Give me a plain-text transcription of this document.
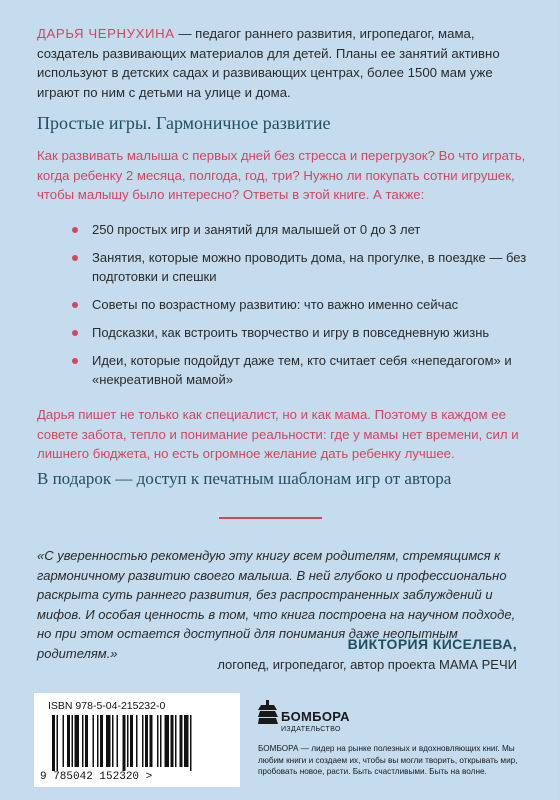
ДАРЬЯ ЧЕРНУХИНА — педагог раннего развития, игропедагог, мама, создатель развивающих материалов для детей. Планы ее занятий активно используют в детских садах и развивающих центрах, более 1500 мам уже играют по ним с детьми на улице и дома.

Простые игры. Гармоничное развитие

Как развивать малыша с первых дней без стресса и перегрузок? Во что играть, когда ребенку 2 месяца, полгода, год, три? Нужно ли покупать сотни игрушек, чтобы малышу было интересно? Ответы в этой книге. А также:

250 простых игр и занятий для малышей от 0 до 3 лет
Занятия, которые можно проводить дома, на прогулке, в поездке — без подготовки и спешки
Советы по возрастному развитию: что важно именно сейчас
Подсказки, как встроить творчество и игру в повседневную жизнь
Идеи, которые подойдут даже тем, кто считает себя «непедагогом» и «некреативной мамой»

Дарья пишет не только как специалист, но и как мама. Поэтому в каждом ее совете забота, тепло и понимание реальности: где у мамы нет времени, сил и лишнего бюджета, но есть огромное желание дать ребенку лучшее.

В подарок — доступ к печатным шаблонам игр от автора

«С уверенностью рекомендую эту книгу всем родителям, стремящимся к гармоничному развитию своего малыша. В ней глубоко и профессионально раскрыта суть раннего развития, без распространенных заблуждений и мифов. И особая ценность в том, что книга построена на научном подходе, но при этом остается доступной для понимания даже неопытным родителям.»

ВИКТОРИЯ КИСЕЛЕВА,

логопед, игропедагог, автор проекта МАМА РЕЧИ

ISBN 978-5-04-215232-0
9 785042 152320 >
БОМБОРА
ИЗДАТЕЛЬСТВО

БОМБОРА — лидер на рынке полезных и вдохновляющих книг. Мы любим книги и создаем их, чтобы вы могли творить, открывать мир, пробовать новое, расти. Быть счастливыми. Быть на волне.
